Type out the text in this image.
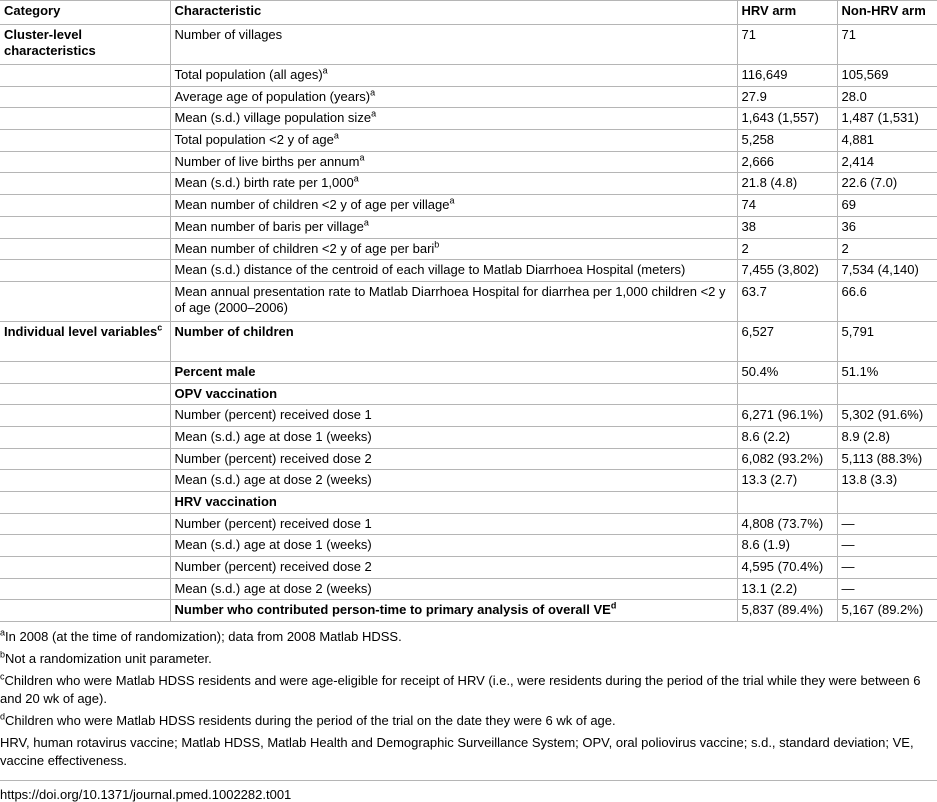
Category	Characteristic	HRV arm	Non-HRV arm
Cluster-level characteristics	Number of villages	71	71
	Total population (all ages)$^a$	116,649	105,569
	Average age of population (years)$^a$	27.9	28.0
	Mean (s.d.) village population size$^a$	1,643 (1,557)	1,487 (1,531)
	Total population <2 y of age$^a$	5,258	4,881
	Number of live births per annum$^a$	2,666	2,414
	Mean (s.d.) birth rate per 1,000$^a$	21.8 (4.8)	22.6 (7.0)
	Mean number of children <2 y of age per village$^a$	74	69
	Mean number of baris per village$^a$	38	36
	Mean number of children <2 y of age per bari$^b$	2	2
	Mean (s.d.) distance of the centroid of each village to Matlab Diarrhoea Hospital (meters)	7,455 (3,802)	7,534 (4,140)
	Mean annual presentation rate to Matlab Diarrhoea Hospital for diarrhea per 1,000 children <2 y of age (2000–2006)	63.7	66.6
Individual level variables$^c$	Number of children	6,527	5,791
	Percent male	50.4%	51.1%
	OPV vaccination		
	Number (percent) received dose 1	6,271 (96.1%)	5,302 (91.6%)
	Mean (s.d.) age at dose 1 (weeks)	8.6 (2.2)	8.9 (2.8)
	Number (percent) received dose 2	6,082 (93.2%)	5,113 (88.3%)
	Mean (s.d.) age at dose 2 (weeks)	13.3 (2.7)	13.8 (3.3)
	HRV vaccination		
	Number (percent) received dose 1	4,808 (73.7%)	—
	Mean (s.d.) age at dose 1 (weeks)	8.6 (1.9)	—
	Number (percent) received dose 2	4,595 (70.4%)	—
	Mean (s.d.) age at dose 2 (weeks)	13.1 (2.2)	—
	Number who contributed person-time to primary analysis of overall $VE^d$	5,837 (89.4%)	5,167 (89.2%)
$^a$In 2008 (at the time of randomization); data from 2008 Matlab HDSS.
$^b$Not a randomization unit parameter.
$^c$Children who were Matlab HDSS residents and were age-eligible for receipt of HRV (i.e., were residents during the period of the trial while they were between 6 and 20 wk of age).
$^d$Children who were Matlab HDSS residents during the period of the trial on the date they were 6 wk of age.
HRV, human rotavirus vaccine; Matlab HDSS, Matlab Health and Demographic Surveillance System; OPV, oral poliovirus vaccine; s.d., standard deviation; VE, vaccine effectiveness.
https://doi.org/10.1371/journal.pmed.1002282.t001
